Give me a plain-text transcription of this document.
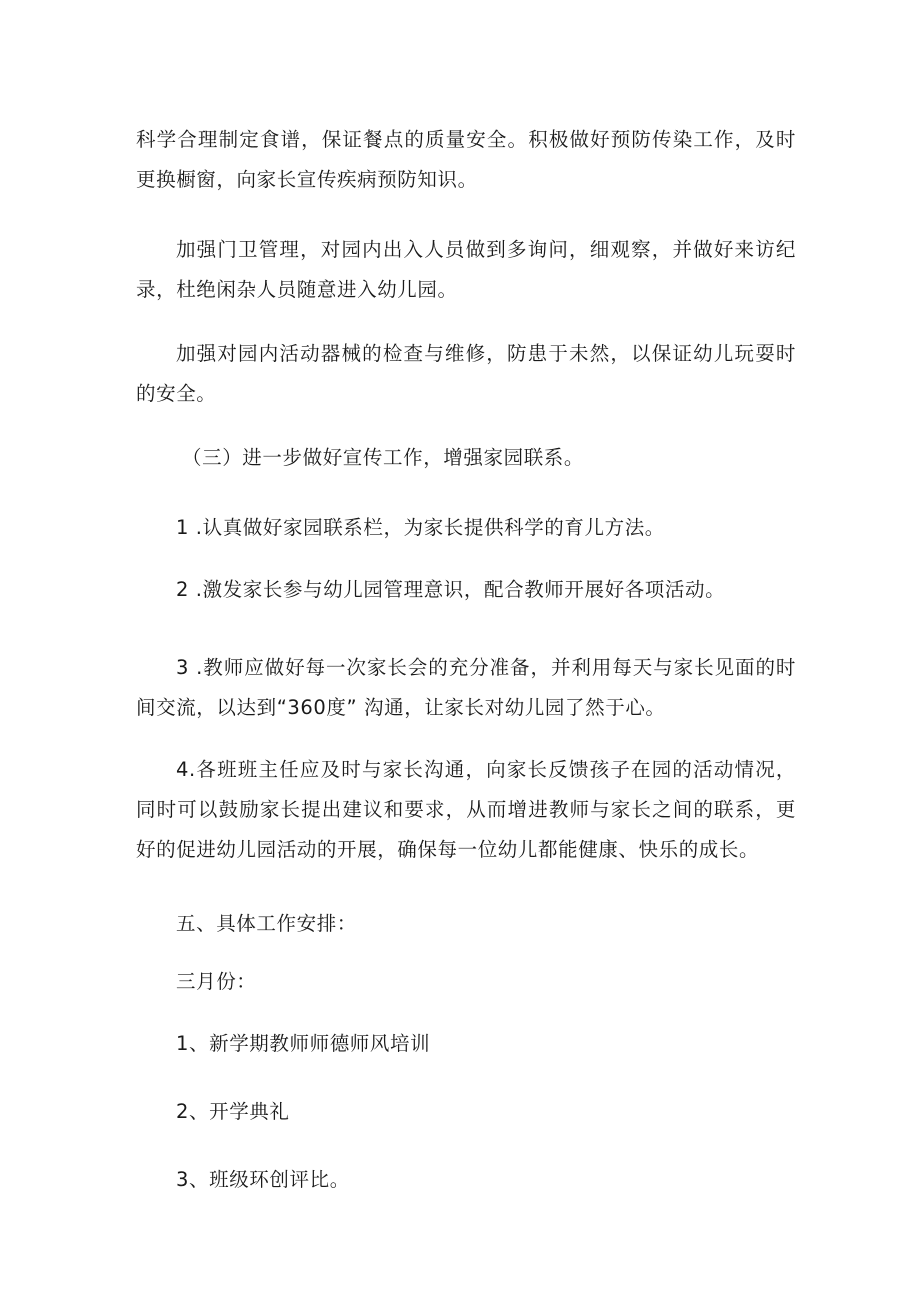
科学合理制定食谱，保证餐点的质量安全。积极做好预防传染工作，及时更换橱窗，向家长宣传疾病预防知识。

加强门卫管理，对园内出入人员做到多询问，细观察，并做好来访纪录，杜绝闲杂人员随意进入幼儿园。

加强对园内活动器械的检查与维修，防患于未然，以保证幼儿玩耍时的安全。

（三）进一步做好宣传工作，增强家园联系。

1 .认真做好家园联系栏，为家长提供科学的育儿方法。

2 .激发家长参与幼儿园管理意识，配合教师开展好各项活动。

3 .教师应做好每一次家长会的充分准备，并利用每天与家长见面的时间交流，以达到“360度” 沟通，让家长对幼儿园了然于心。

4.各班班主任应及时与家长沟通，向家长反馈孩子在园的活动情况，同时可以鼓励家长提出建议和要求，从而增进教师与家长之间的联系，更好的促进幼儿园活动的开展，确保每一位幼儿都能健康、快乐的成长。

五、具体工作安排：

三月份：

1、新学期教师师德师风培训

2、开学典礼

3、班级环创评比。
